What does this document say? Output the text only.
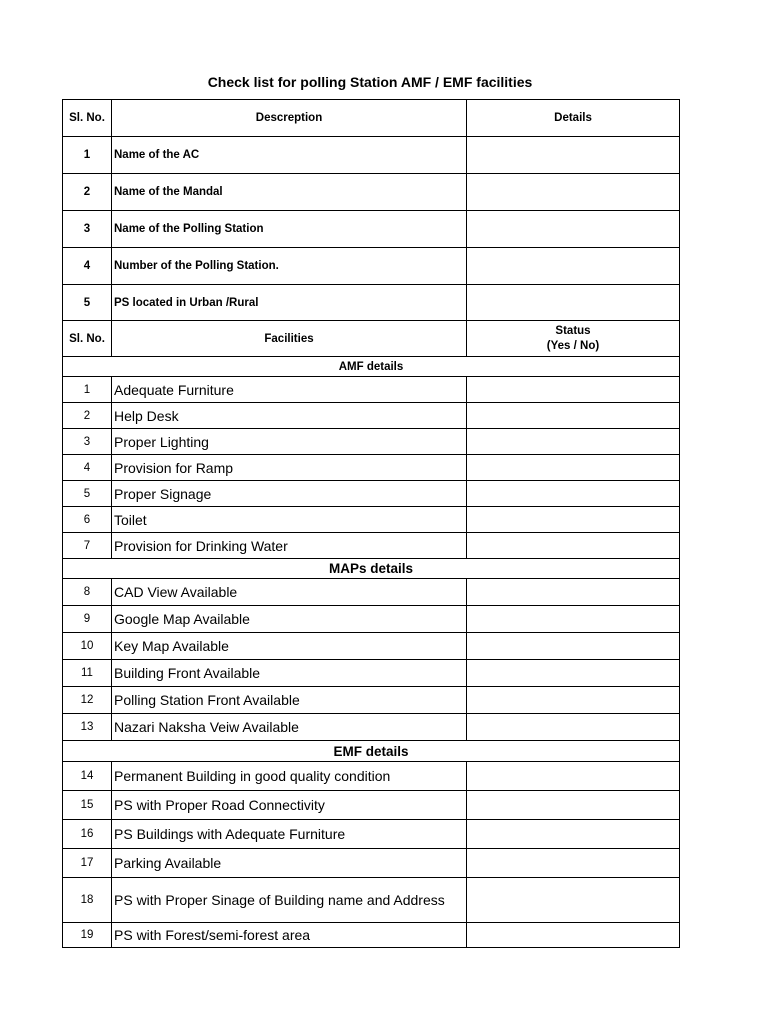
Check list for polling Station AMF / EMF facilities
Sl. No.	Descreption	Details
1	Name of the AC	
2	Name of the Mandal	
3	Name of the Polling Station	
4	Number of the Polling Station.	
5	PS located in Urban /Rural	
Sl. No.	Facilities	Status
(Yes / No)

AMF details		
1	Adequate Furniture	
2	Help Desk	
3	Proper Lighting	
4	Provision for Ramp	
5	Proper Signage	
6	Toilet	
7	Provision for Drinking Water	
MAPs details		
8	CAD View Available	
9	Google Map Available	
10	Key Map Available	
11	Building Front Available	
12	Polling Station Front Available	
13	Nazari Naksha Veiw Available	
EMF details		
14	Permanent Building in good quality condition	
15	PS with Proper Road Connectivity	
16	PS Buildings with Adequate Furniture	
17	Parking Available	
18	PS with Proper Sinage of Building name and Address	
19	PS with Forest/semi-forest area	
